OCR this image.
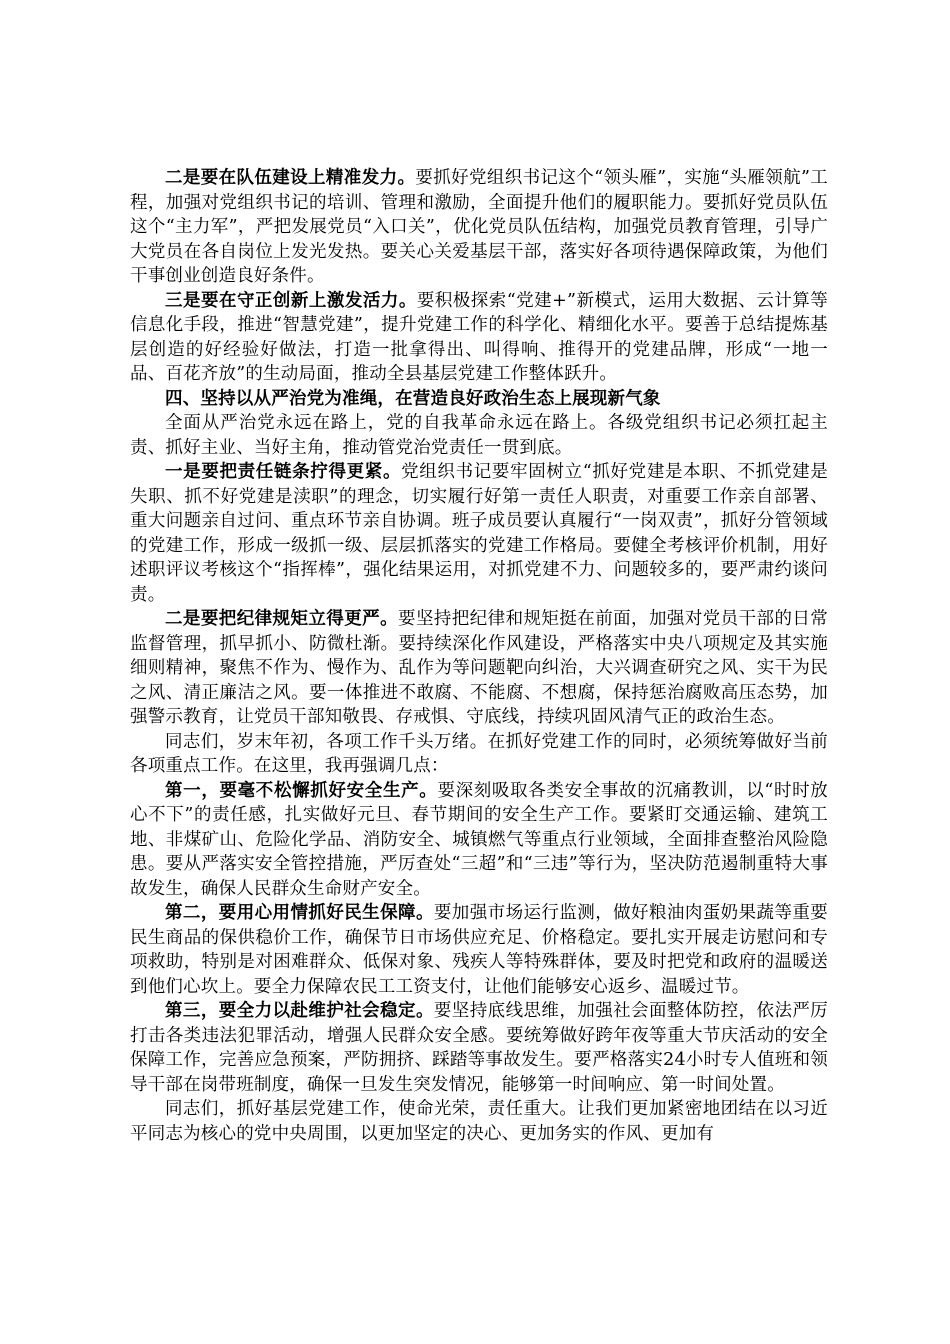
二是要在队伍建设上精准发力。要抓好党组织书记这个“领头雁”，实施“头雁领航”工程，加强对党组织书记的培训、管理和激励，全面提升他们的履职能力。要抓好党员队伍这个“主力军”，严把发展党员“入口关”，优化党员队伍结构，加强党员教育管理，引导广大党员在各自岗位上发光发热。要关心关爱基层干部，落实好各项待遇保障政策，为他们干事创业创造良好条件。

三是要在守正创新上激发活力。要积极探索“党建+”新模式，运用大数据、云计算等信息化手段，推进“智慧党建”，提升党建工作的科学化、精细化水平。要善于总结提炼基层创造的好经验好做法，打造一批拿得出、叫得响、推得开的党建品牌，形成“一地一品、百花齐放”的生动局面，推动全县基层党建工作整体跃升。

四、坚持以从严治党为准绳，在营造良好政治生态上展现新气象

全面从严治党永远在路上，党的自我革命永远在路上。各级党组织书记必须扛起主责、抓好主业、当好主角，推动管党治党责任一贯到底。

一是要把责任链条拧得更紧。党组织书记要牢固树立“抓好党建是本职、不抓党建是失职、抓不好党建是渎职”的理念，切实履行好第一责任人职责，对重要工作亲自部署、重大问题亲自过问、重点环节亲自协调。班子成员要认真履行“一岗双责”，抓好分管领域的党建工作，形成一级抓一级、层层抓落实的党建工作格局。要健全考核评价机制，用好述职评议考核这个“指挥棒”，强化结果运用，对抓党建不力、问题较多的，要严肃约谈问责。

二是要把纪律规矩立得更严。要坚持把纪律和规矩挺在前面，加强对党员干部的日常监督管理，抓早抓小、防微杜渐。要持续深化作风建设，严格落实中央八项规定及其实施细则精神，聚焦不作为、慢作为、乱作为等问题靶向纠治，大兴调查研究之风、实干为民之风、清正廉洁之风。要一体推进不敢腐、不能腐、不想腐，保持惩治腐败高压态势，加强警示教育，让党员干部知敬畏、存戒惧、守底线，持续巩固风清气正的政治生态。

同志们，岁末年初，各项工作千头万绪。在抓好党建工作的同时，必须统筹做好当前各项重点工作。在这里，我再强调几点：

第一，要毫不松懈抓好安全生产。要深刻吸取各类安全事故的沉痛教训，以“时时放心不下”的责任感，扎实做好元旦、春节期间的安全生产工作。要紧盯交通运输、建筑工地、非煤矿山、危险化学品、消防安全、城镇燃气等重点行业领域，全面排查整治风险隐患。要从严落实安全管控措施，严厉查处“三超”和“三违”等行为，坚决防范遏制重特大事故发生，确保人民群众生命财产安全。

第二，要用心用情抓好民生保障。要加强市场运行监测，做好粮油肉蛋奶果蔬等重要民生商品的保供稳价工作，确保节日市场供应充足、价格稳定。要扎实开展走访慰问和专项救助，特别是对困难群众、低保对象、残疾人等特殊群体，要及时把党和政府的温暖送到他们心坎上。要全力保障农民工工资支付，让他们能够安心返乡、温暖过节。

第三，要全力以赴维护社会稳定。要坚持底线思维，加强社会面整体防控，依法严厉打击各类违法犯罪活动，增强人民群众安全感。要统筹做好跨年夜等重大节庆活动的安全保障工作，完善应急预案，严防拥挤、踩踏等事故发生。要严格落实24小时专人值班和领导干部在岗带班制度，确保一旦发生突发情况，能够第一时间响应、第一时间处置。

同志们，抓好基层党建工作，使命光荣，责任重大。让我们更加紧密地团结在以习近平同志为核心的党中央周围，以更加坚定的决心、更加务实的作风、更加有
